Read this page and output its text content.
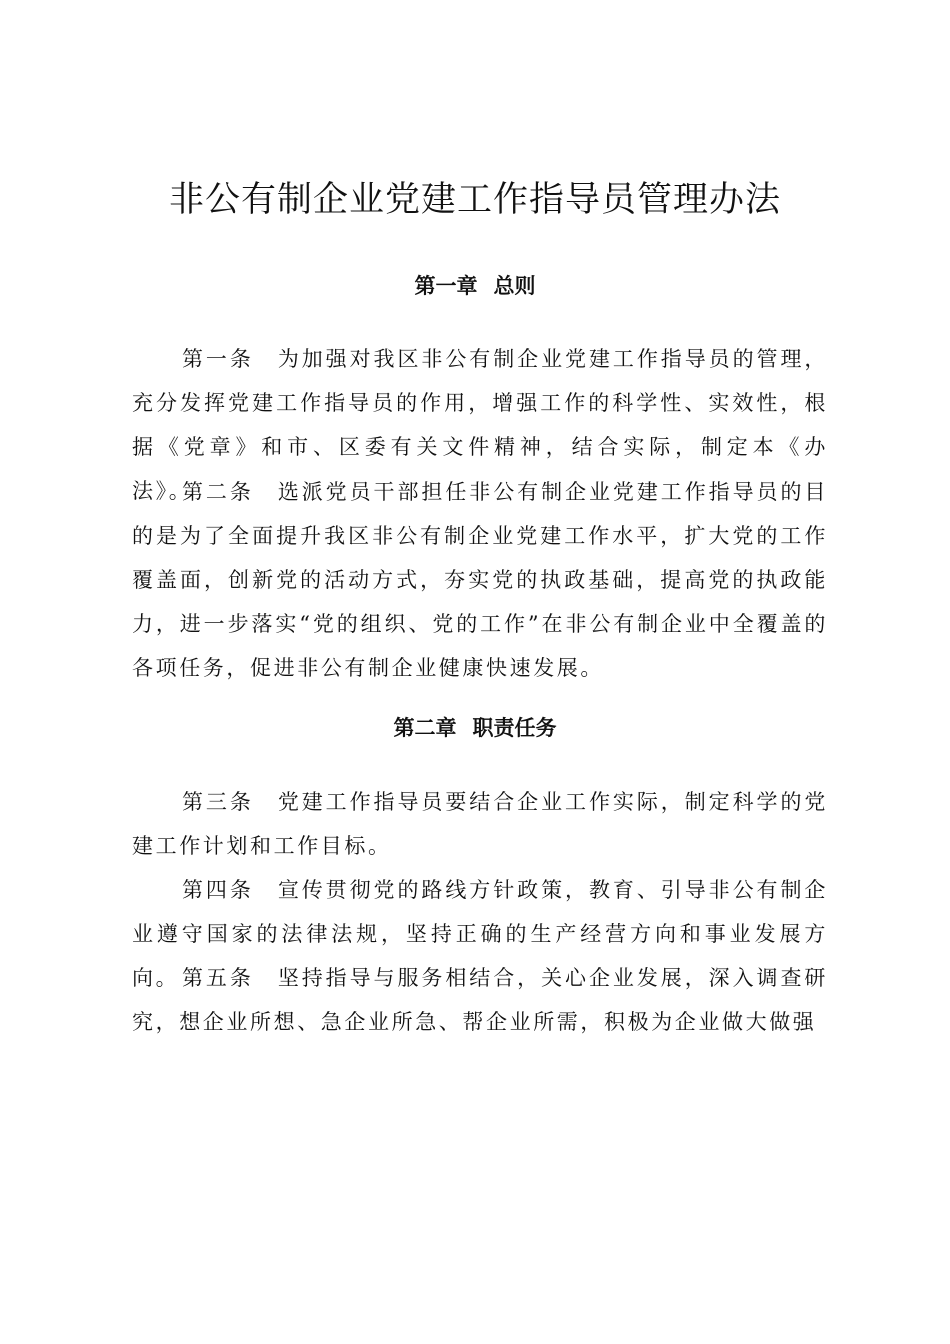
非公有制企业党建工作指导员管理办法
第一章 总则

第一条 为加强对我区非公有制企业党建工作指导员的管理，充分发挥党建工作指导员的作用，增强工作的科学性、实效性，根据《党章》和市、区委有关文件精神，结合实际，制定本《办法》。

第二条 选派党员干部担任非公有制企业党建工作指导员的目的是为了全面提升我区非公有制企业党建工作水平，扩大党的工作覆盖面，创新党的活动方式，夯实党的执政基础，提高党的执政能力，进一步落实“党的组织、党的工作”在非公有制企业中全覆盖的各项任务，促进非公有制企业健康快速发展。

第二章 职责任务

第三条 党建工作指导员要结合企业工作实际，制定科学的党建工作计划和工作目标。

第四条 宣传贯彻党的路线方针政策，教育、引导非公有制企业遵守国家的法律法规，坚持正确的生产经营方向和事业发展方向。 第五条 坚持指导与服务相结合，关心企业发展，深入调查研究，想企业所想、急企业所急、帮企业所需，积极为企业做大做强
